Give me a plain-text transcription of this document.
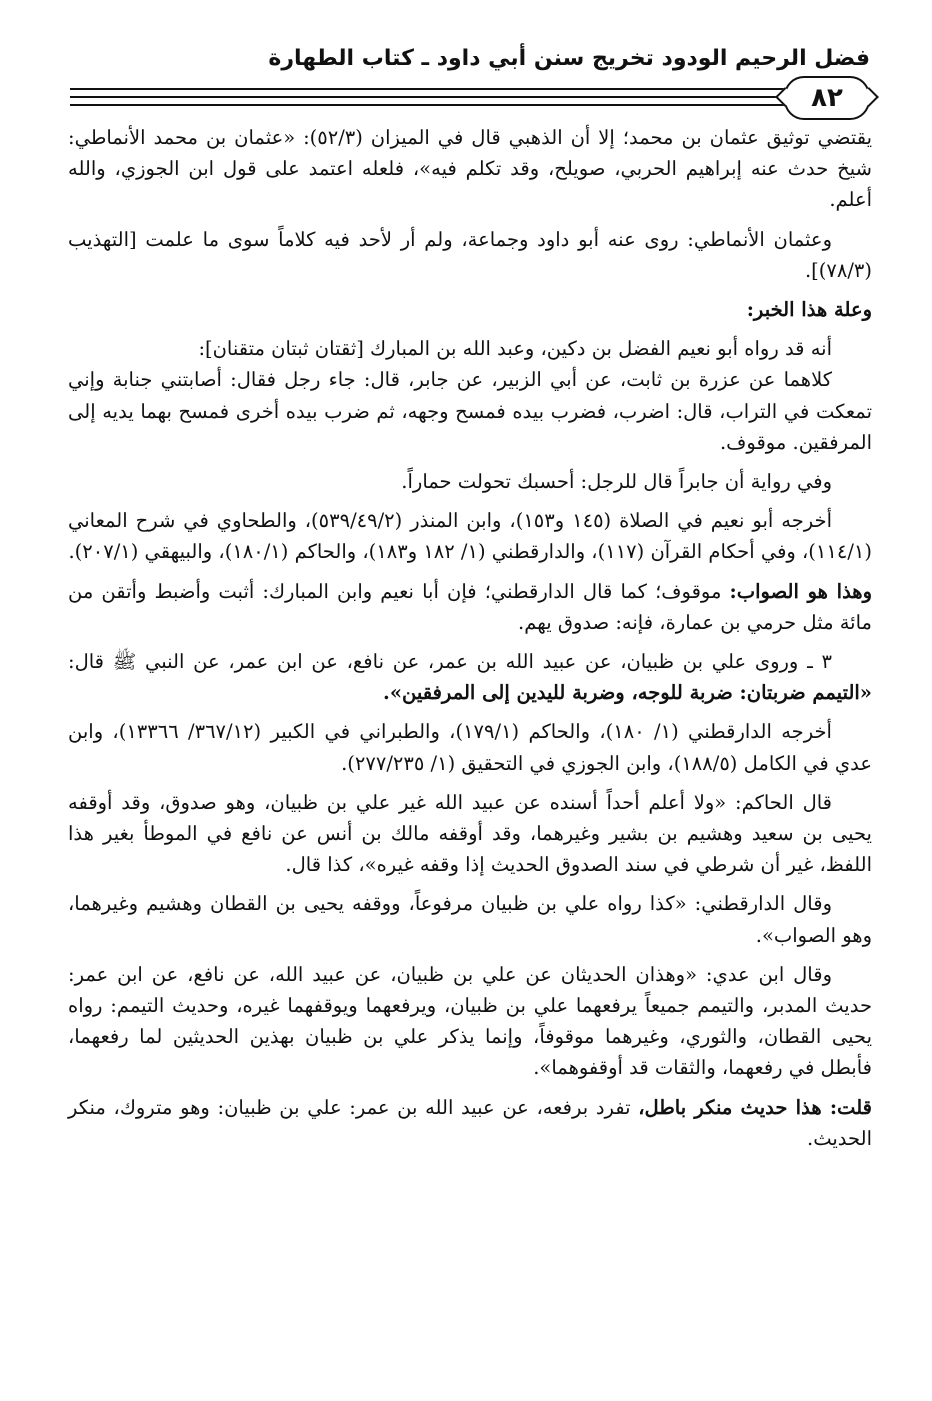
فضل الرحيم الودود تخريج سنن أبي داود ـ كتاب الطهارة
٨٢

يقتضي توثيق عثمان بن محمد؛ إلا أن الذهبي قال في الميزان (٥٢/٣): «عثمان بن محمد الأنماطي: شيخ حدث عنه إبراهيم الحربي، صويلح، وقد تكلم فيه»، فلعله اعتمد على قول ابن الجوزي، والله أعلم.

وعثمان الأنماطي: روى عنه أبو داود وجماعة، ولم أر لأحد فيه كلاماً سوى ما علمت [التهذيب (٧٨/٣)].

وعلة هذا الخبر:

أنه قد رواه أبو نعيم الفضل بن دكين، وعبد الله بن المبارك [ثقتان ثبتان متقنان]:

كلاهما عن عزرة بن ثابت، عن أبي الزبير، عن جابر، قال: جاء رجل فقال: أصابتني جنابة وإني تمعكت في التراب، قال: اضرب، فضرب بيده فمسح وجهه، ثم ضرب بيده أخرى فمسح بهما يديه إلى المرفقين. موقوف.

وفي رواية أن جابراً قال للرجل: أحسبك تحولت حماراً.

أخرجه أبو نعيم في الصلاة (١٤٥ و١٥٣)، وابن المنذر (٥٣٩/٤٩/٢)، والطحاوي في شرح المعاني (١١٤/١)، وفي أحكام القرآن (١١٧)، والدارقطني (١/ ١٨٢ و١٨٣)، والحاكم (١٨٠/١)، والبيهقي (٢٠٧/١).

وهذا هو الصواب: موقوف؛ كما قال الدارقطني؛ فإن أبا نعيم وابن المبارك: أثبت وأضبط وأتقن من مائة مثل حرمي بن عمارة، فإنه: صدوق يهم.

٣ ـ وروى علي بن ظبيان، عن عبيد الله بن عمر، عن نافع، عن ابن عمر، عن النبي ﷺ قال: «التيمم ضربتان: ضربة للوجه، وضربة لليدين إلى المرفقين».

أخرجه الدارقطني (١/ ١٨٠)، والحاكم (١٧٩/١)، والطبراني في الكبير (٣٦٧/١٢/ ١٣٣٦٦)، وابن عدي في الكامل (١٨٨/٥)، وابن الجوزي في التحقيق (١/ ٢٧٧/٢٣٥).

قال الحاكم: «ولا أعلم أحداً أسنده عن عبيد الله غير علي بن ظبيان، وهو صدوق، وقد أوقفه يحيى بن سعيد وهشيم بن بشير وغيرهما، وقد أوقفه مالك بن أنس عن نافع في الموطأ بغير هذا اللفظ، غير أن شرطي في سند الصدوق الحديث إذا وقفه غيره»، كذا قال.

وقال الدارقطني: «كذا رواه علي بن ظبيان مرفوعاً، ووقفه يحيى بن القطان وهشيم وغيرهما، وهو الصواب».

وقال ابن عدي: «وهذان الحديثان عن علي بن ظبيان، عن عبيد الله، عن نافع، عن ابن عمر: حديث المدبر، والتيمم جميعاً يرفعهما علي بن ظبيان، ويرفعهما ويوقفهما غيره، وحديث التيمم: رواه يحيى القطان، والثوري، وغيرهما موقوفاً، وإنما يذكر علي بن ظبيان بهذين الحديثين لما رفعهما، فأبطل في رفعهما، والثقات قد أوقفوهما».

قلت: هذا حديث منكر باطل، تفرد برفعه، عن عبيد الله بن عمر: علي بن ظبيان: وهو متروك، منكر الحديث.
